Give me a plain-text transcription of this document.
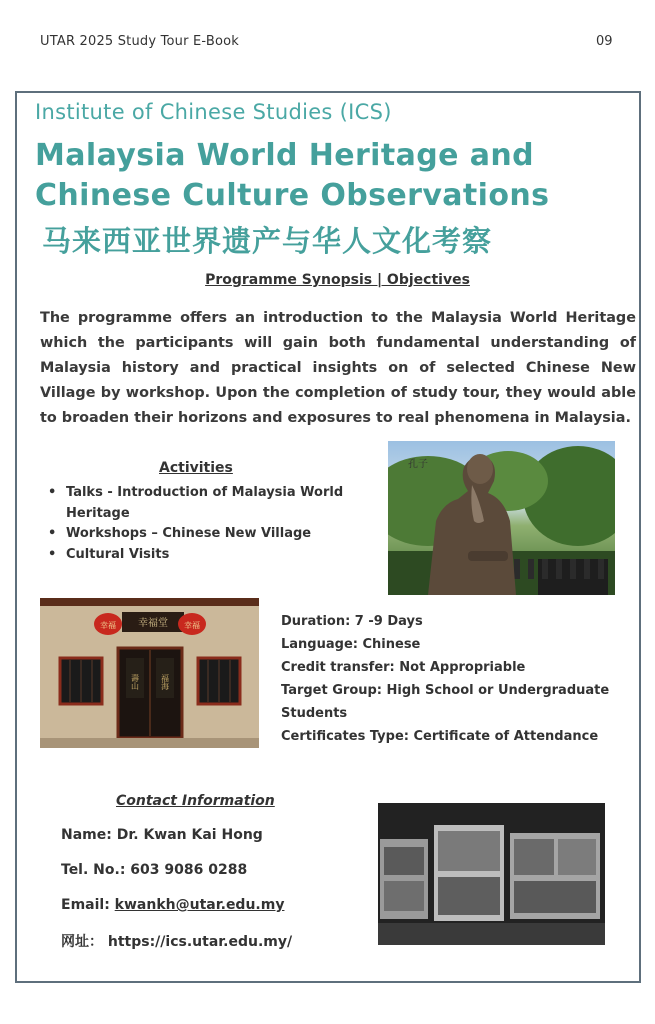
UTAR 2025 Study Tour E-Book	09
Institute of Chinese Studies (ICS)
Malaysia World Heritage and
Chinese Culture Observations
马来西亚世界遗产与华人文化考察
Programme Synopsis | Objectives
The programme offers an introduction to the Malaysia World Heritage which the participants will gain both fundamental understanding of Malaysia history and practical insights on of selected Chinese New Village by workshop. Upon the completion of study tour, they would able to broaden their horizons and exposures to real phenomena in Malaysia.
Activities
• Talks - Introduction of Malaysia World Heritage
• Workshops – Chinese New Village
• Cultural Visits
孔子
幸福堂
幸福	幸福
壽山	福海
Duration: 7 -9 Days
Language: Chinese
Credit transfer: Not Appropriable
Target Group: High School or Undergraduate Students
Certificates Type: Certificate of Attendance
Contact Information
Name: Dr. Kwan Kai Hong
Tel. No.: 603 9086 0288
Email: kwankh@utar.edu.my
网址： https://ics.utar.edu.my/
